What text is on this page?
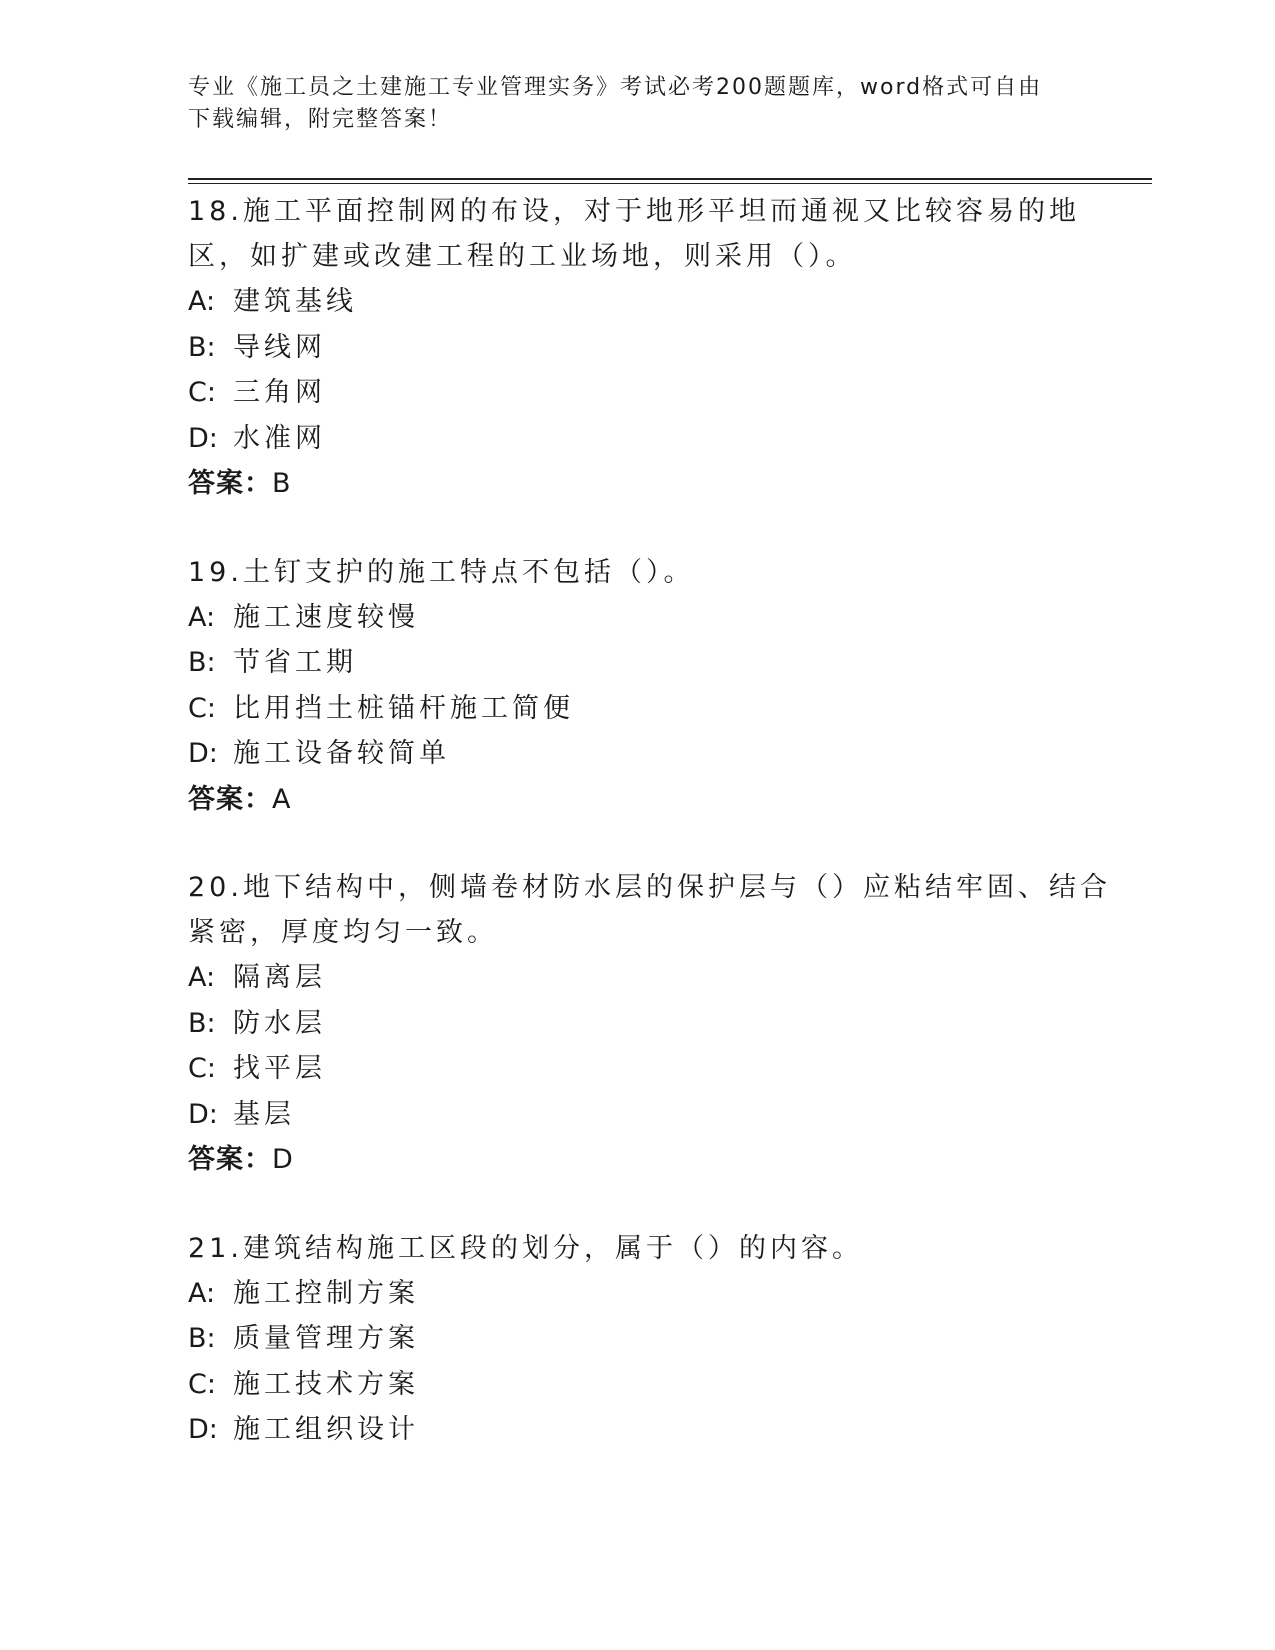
专业《施工员之土建施工专业管理实务》考试必考200题题库，word格式可自由
下载编辑，附完整答案！

18.施工平面控制网的布设，对于地形平坦而通视又比较容易的地区，如扩建或改建工程的工业场地，则采用（）。

A: 建筑基线

B: 导线网

C: 三角网

D: 水准网

答案：B

19.土钉支护的施工特点不包括（）。

A: 施工速度较慢

B: 节省工期

C: 比用挡土桩锚杆施工简便

D: 施工设备较简单

答案：A

20.地下结构中，侧墙卷材防水层的保护层与（）应粘结牢固、结合紧密，厚度均匀一致。

A: 隔离层

B: 防水层

C: 找平层

D: 基层

答案：D

21.建筑结构施工区段的划分，属于（）的内容。

A: 施工控制方案

B: 质量管理方案

C: 施工技术方案

D: 施工组织设计
